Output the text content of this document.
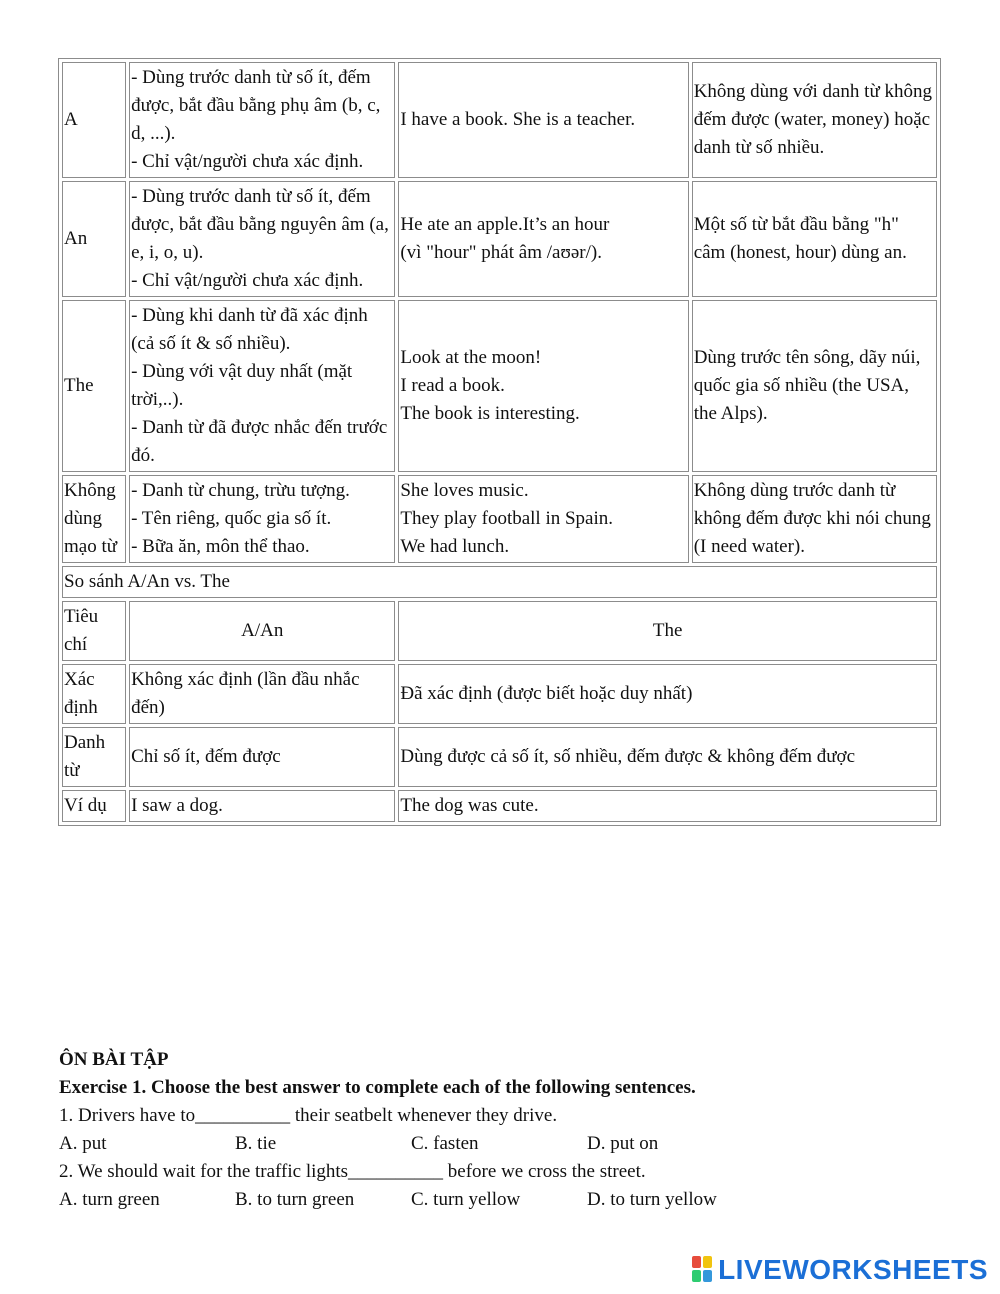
A	- Dùng trước danh từ số ít, đếm được, bắt đầu bằng phụ âm (b, c, d, ...).
- Chỉ vật/người chưa xác định.	I have a book. She is a teacher.	Không dùng với danh từ không đếm được (water, money) hoặc danh từ số nhiều.
An	- Dùng trước danh từ số ít, đếm được, bắt đầu bằng nguyên âm (a, e, i, o, u).
- Chỉ vật/người chưa xác định.	He ate an apple.It’s an hour
(vì "hour" phát âm /aʊər/).	Một số từ bắt đầu bằng "h" câm (honest, hour) dùng an.
The	- Dùng khi danh từ đã xác định (cả số ít & số nhiều).
- Dùng với vật duy nhất (mặt trời,..).
- Danh từ đã được nhắc đến trước đó.	Look at the moon!
I read a book.
The book is interesting.	Dùng trước tên sông, dãy núi, quốc gia số nhiều (the USA, the Alps).
Không dùng mạo từ	- Danh từ chung, trừu tượng.
- Tên riêng, quốc gia số ít.
- Bữa ăn, môn thể thao.	She loves music.
They play football in Spain.
We had lunch.	Không dùng trước danh từ không đếm được khi nói chung (I need water).
So sánh A/An vs. The			
Tiêu chí	A/An	The	
Xác định	Không xác định (lần đầu nhắc đến)	Đã xác định (được biết hoặc duy nhất)	
Danh từ	Chỉ số ít, đếm được	Dùng được cả số ít, số nhiều, đếm được & không đếm được	
Ví dụ	I saw a dog.	The dog was cute.	
ÔN BÀI TẬP
Exercise 1. Choose the best answer to complete each of the following sentences.
1. Drivers have to__________ their seatbelt whenever they drive.
A. put	B. tie	C. fasten	D. put on
2. We should wait for the traffic lights__________ before we cross the street.
A. turn green	B. to turn green	C. turn yellow	D. to turn yellow
LIVEWORKSHEETS
